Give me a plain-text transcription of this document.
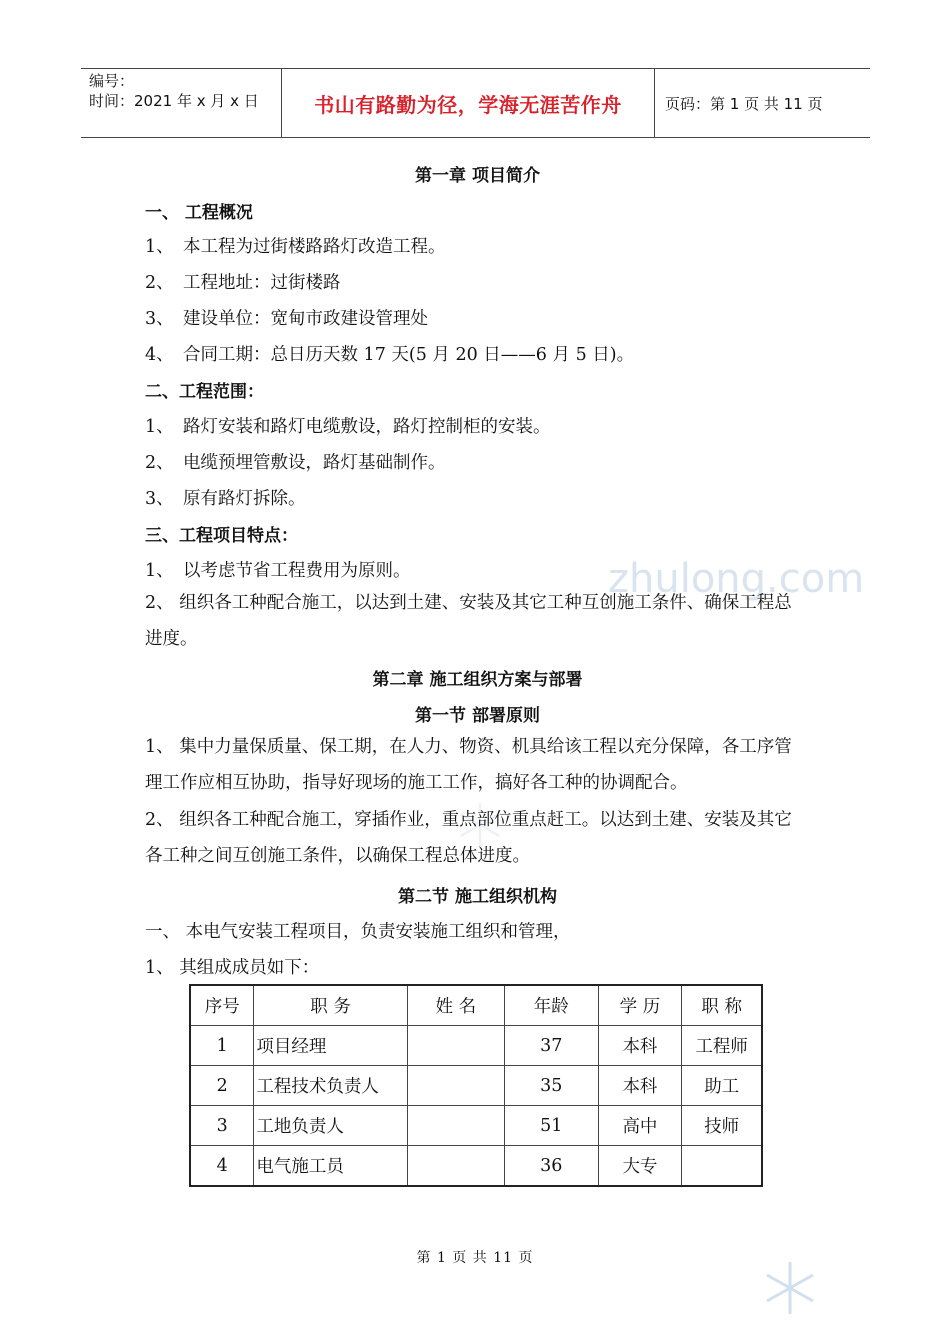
zhulong.com
编号：
时间：2021 年 x 月 x 日	书山有路勤为径，学海无涯苦作舟	页码：第 1 页 共 11 页
第一章 项目简介
一、 工程概况
1、 本工程为过街楼路路灯改造工程。
2、 工程地址：过街楼路
3、 建设单位：宽甸市政建设管理处
4、 合同工期：总日历天数 17 天(5 月 20 日——6 月 5 日)。
二、工程范围：
1、 路灯安装和路灯电缆敷设，路灯控制柜的安装。
2、 电缆预埋管敷设，路灯基础制作。
3、 原有路灯拆除。
三、工程项目特点：
1、 以考虑节省工程费用为原则。
2、 组织各工种配合施工，以达到土建、安装及其它工种互创施工条件、确保工程总进度。
第二章 施工组织方案与部署
第一节 部署原则
1、 集中力量保质量、保工期，在人力、物资、机具给该工程以充分保障，各工序管理工作应相互协助，指导好现场的施工工作，搞好各工种的协调配合。
2、 组织各工种配合施工，穿插作业，重点部位重点赶工。以达到土建、安装及其它各工种之间互创施工条件，以确保工程总体进度。
第二节 施工组织机构
一、 本电气安装工程项目，负责安装施工组织和管理，
1、 其组成成员如下：
序号	职 务	姓 名	年龄	学 历	职 称
1	项目经理		37	本科	工程师
2	工程技术负责人		35	本科	助工
3	工地负责人		51	高中	技师
4	电气施工员		36	大专	
第 1 页 共 11 页
